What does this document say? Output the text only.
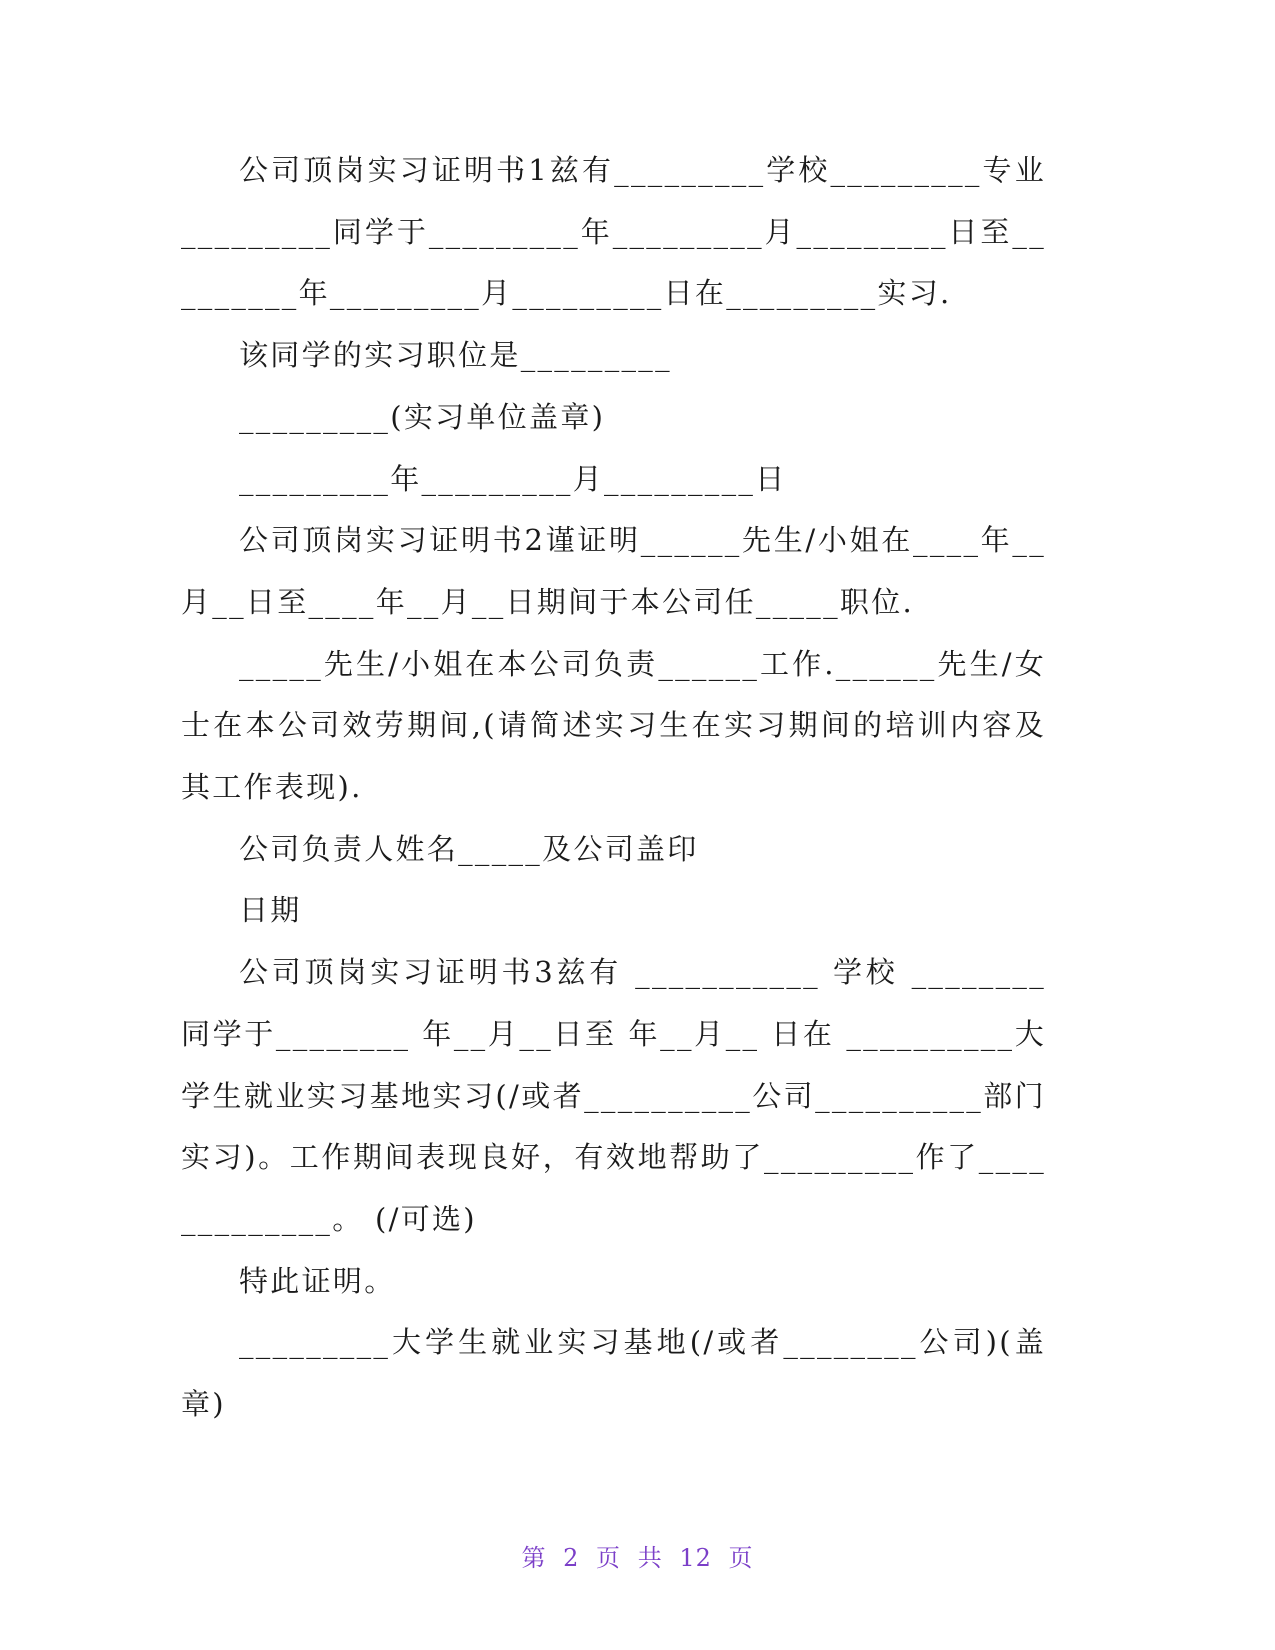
公司顶岗实习证明书1兹有_________学校_________专业_________同学于_________年_________月_________日至_________年_________月_________日在_________实习.

该同学的实习职位是_________

_________(实习单位盖章)

_________年_________月_________日

公司顶岗实习证明书2谨证明______先生/小姐在____年__月__日至____年__月__日期间于本公司任_____职位.

_____先生/小姐在本公司负责______工作.______先生/女士在本公司效劳期间,(请简述实习生在实习期间的培训内容及其工作表现).

公司负责人姓名_____及公司盖印

日期

公司顶岗实习证明书3兹有 ___________ 学校 ________同学于________ 年__月__日至 年__月__ 日在 __________大学生就业实习基地实习(/或者__________公司__________部门实习)。工作期间表现良好，有效地帮助了_________作了_____________。 (/可选)

特此证明。

_________大学生就业实习基地(/或者________公司)(盖章)

第 2 页 共 12 页
